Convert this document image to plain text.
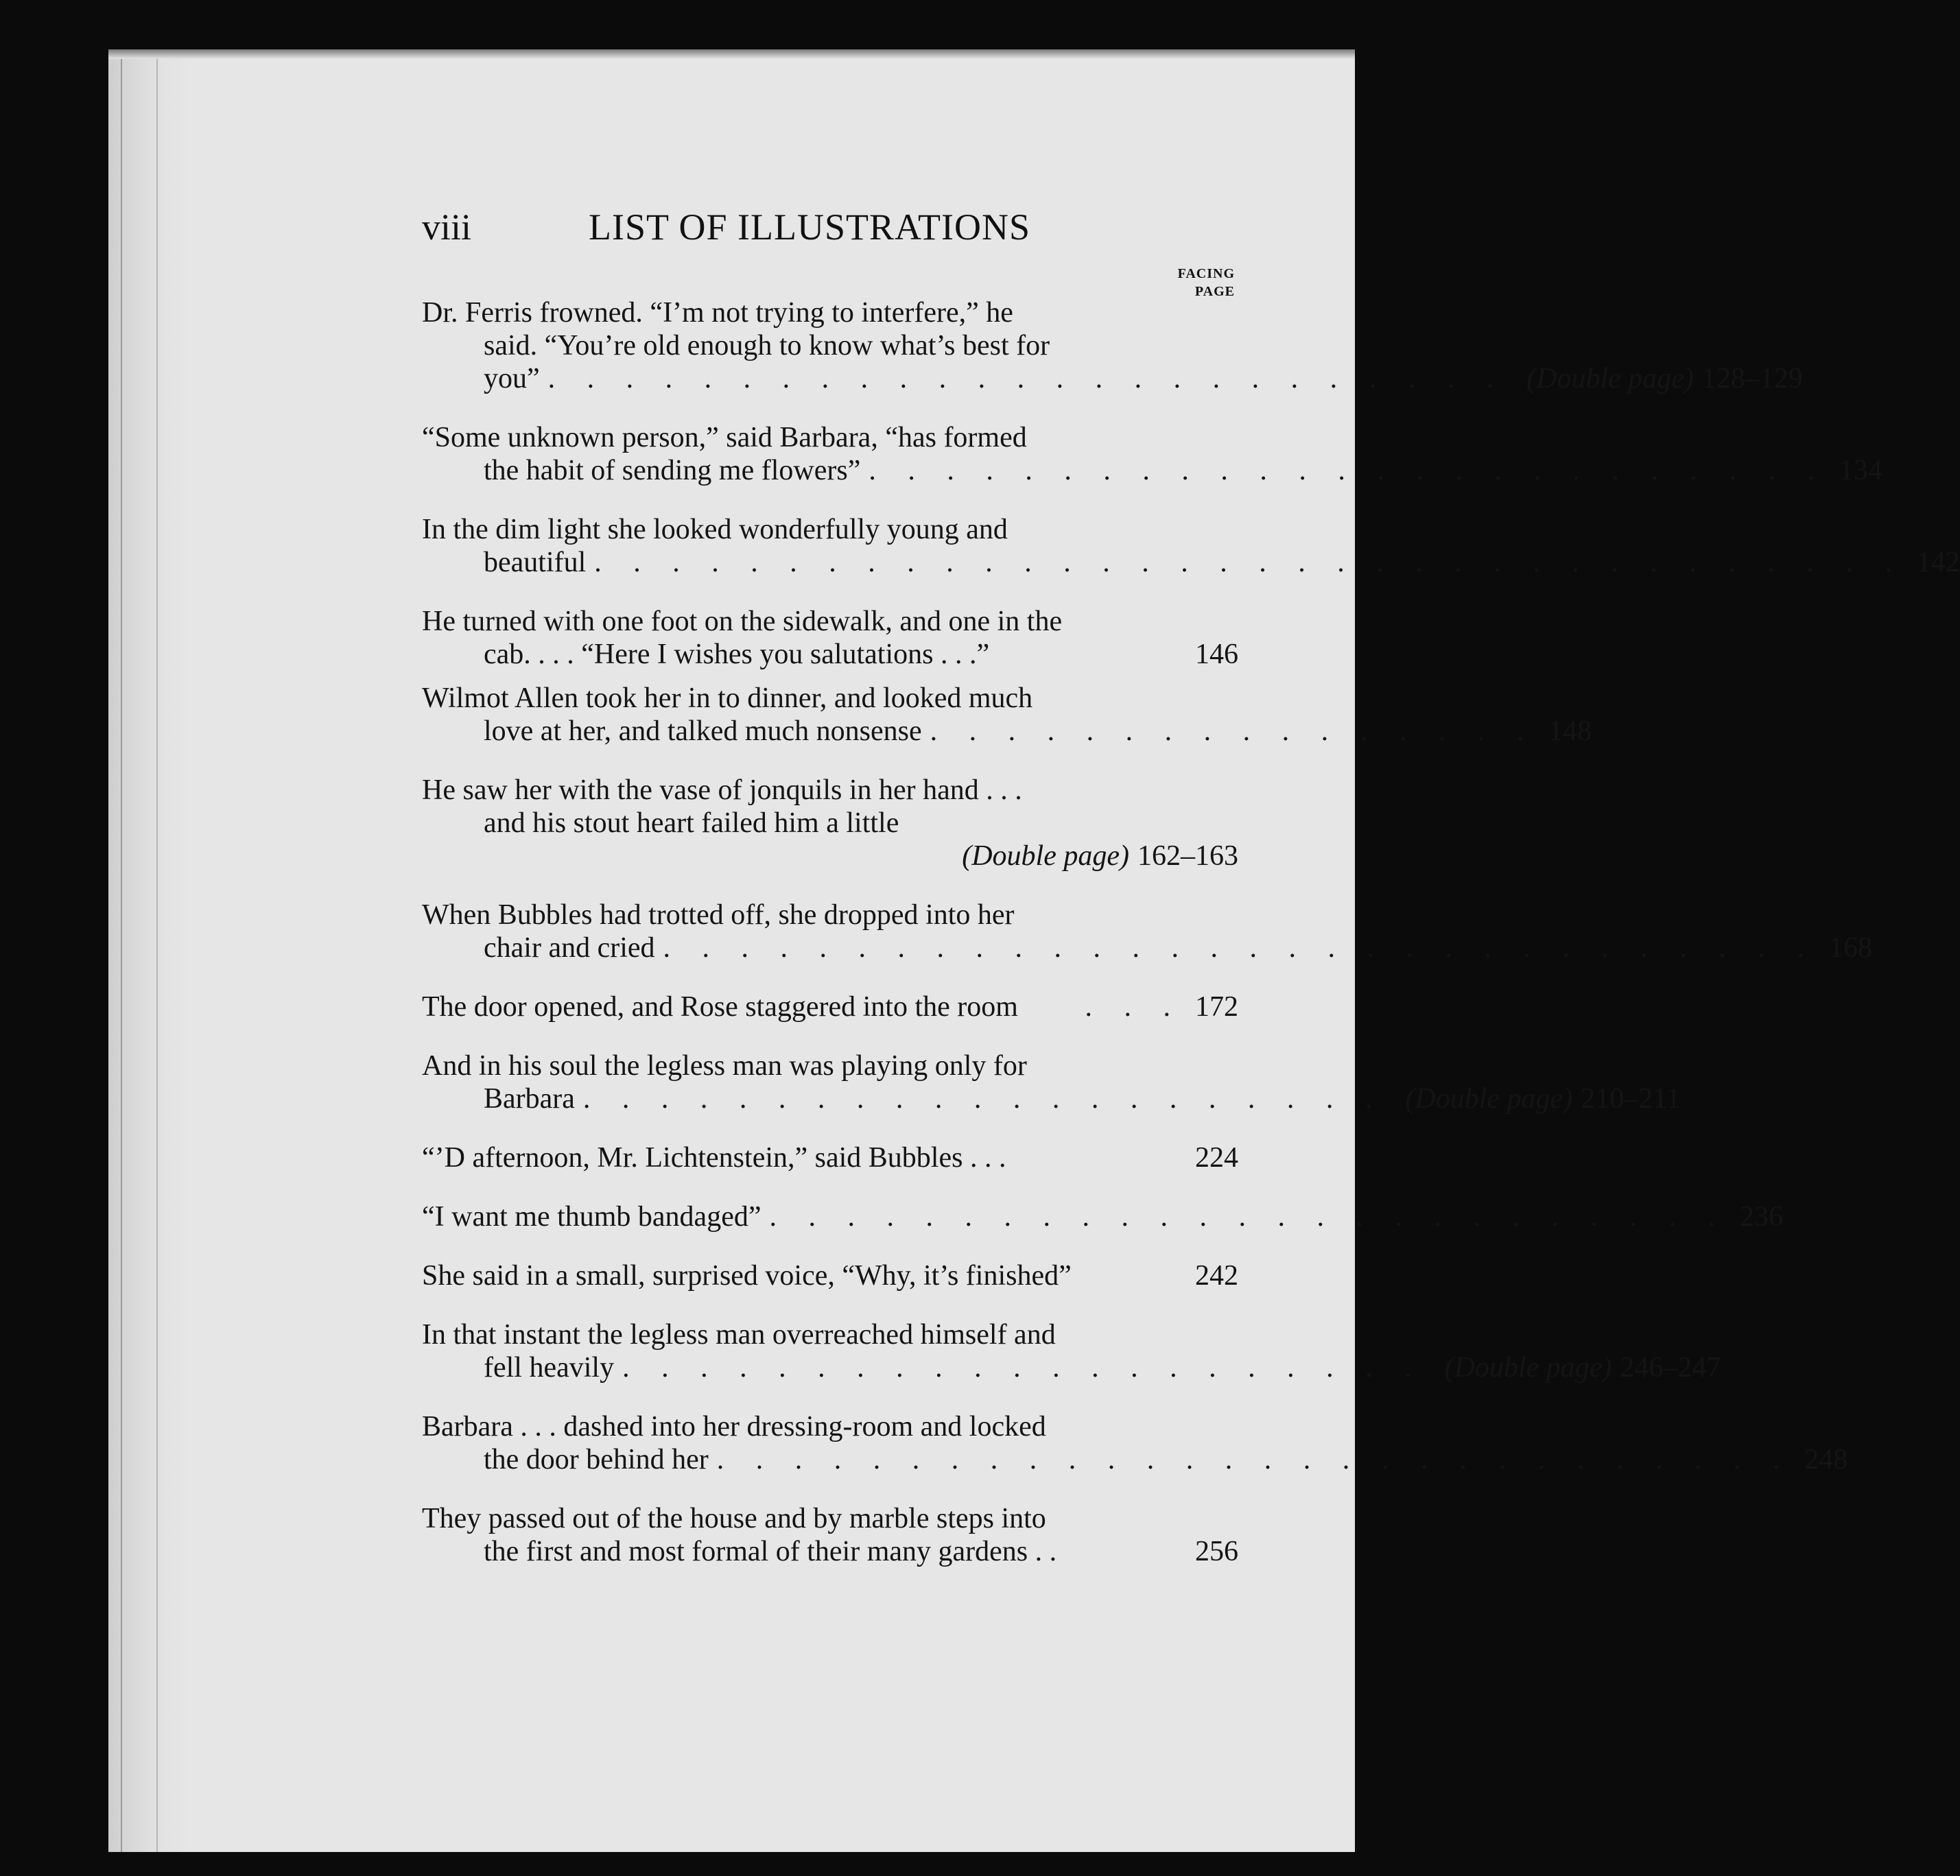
FACING
PAGE
viii	LIST OF ILLUSTRATIONS
Dr. Ferris frowned. “I’m not trying to interfere,” he
said. “You’re old enough to know what’s best for
you” . . . . . . . . . . . . . . . . . . . . . . . . . (Double page) 128–129
“Some unknown person,” said Barbara, “has formed
the habit of sending me flowers” . . . . . . . . . . . . . . . . . . . . . . . . . 134
In the dim light she looked wonderfully young and
beautiful . . . . . . . . . . . . . . . . . . . . . . . . . . . . . . . . . . 142
He turned with one foot on the sidewalk, and one in the
cab. . . . “Here I wishes you salutations . . .”	146
Wilmot Allen took her in to dinner, and looked much
love at her, and talked much nonsense . . . . . . . . . . . . . . . . 148
He saw her with the vase of jonquils in her hand . . .
and his stout heart failed him a little
(Double page) 162–163
When Bubbles had trotted off, she dropped into her
chair and cried . . . . . . . . . . . . . . . . . . . . . . . . . . . . . . 168
The door opened, and Rose staggered into the room	. . . 172
And in his soul the legless man was playing only for
Barbara . . . . . . . . . . . . . . . . . . . . . (Double page) 210–211
“’D afternoon, Mr. Lichtenstein,” said Bubbles . . .	224
“I want me thumb bandaged” . . . . . . . . . . . . . . . . . . . . . . . . . 236
She said in a small, surprised voice, “Why, it’s finished”	242
In that instant the legless man overreached himself and
fell heavily . . . . . . . . . . . . . . . . . . . . . (Double page) 246–247
Barbara . . . dashed into her dressing-room and locked
the door behind her . . . . . . . . . . . . . . . . . . . . . . . . . . . . 248
They passed out of the house and by marble steps into
the first and most formal of their many gardens . .	256
